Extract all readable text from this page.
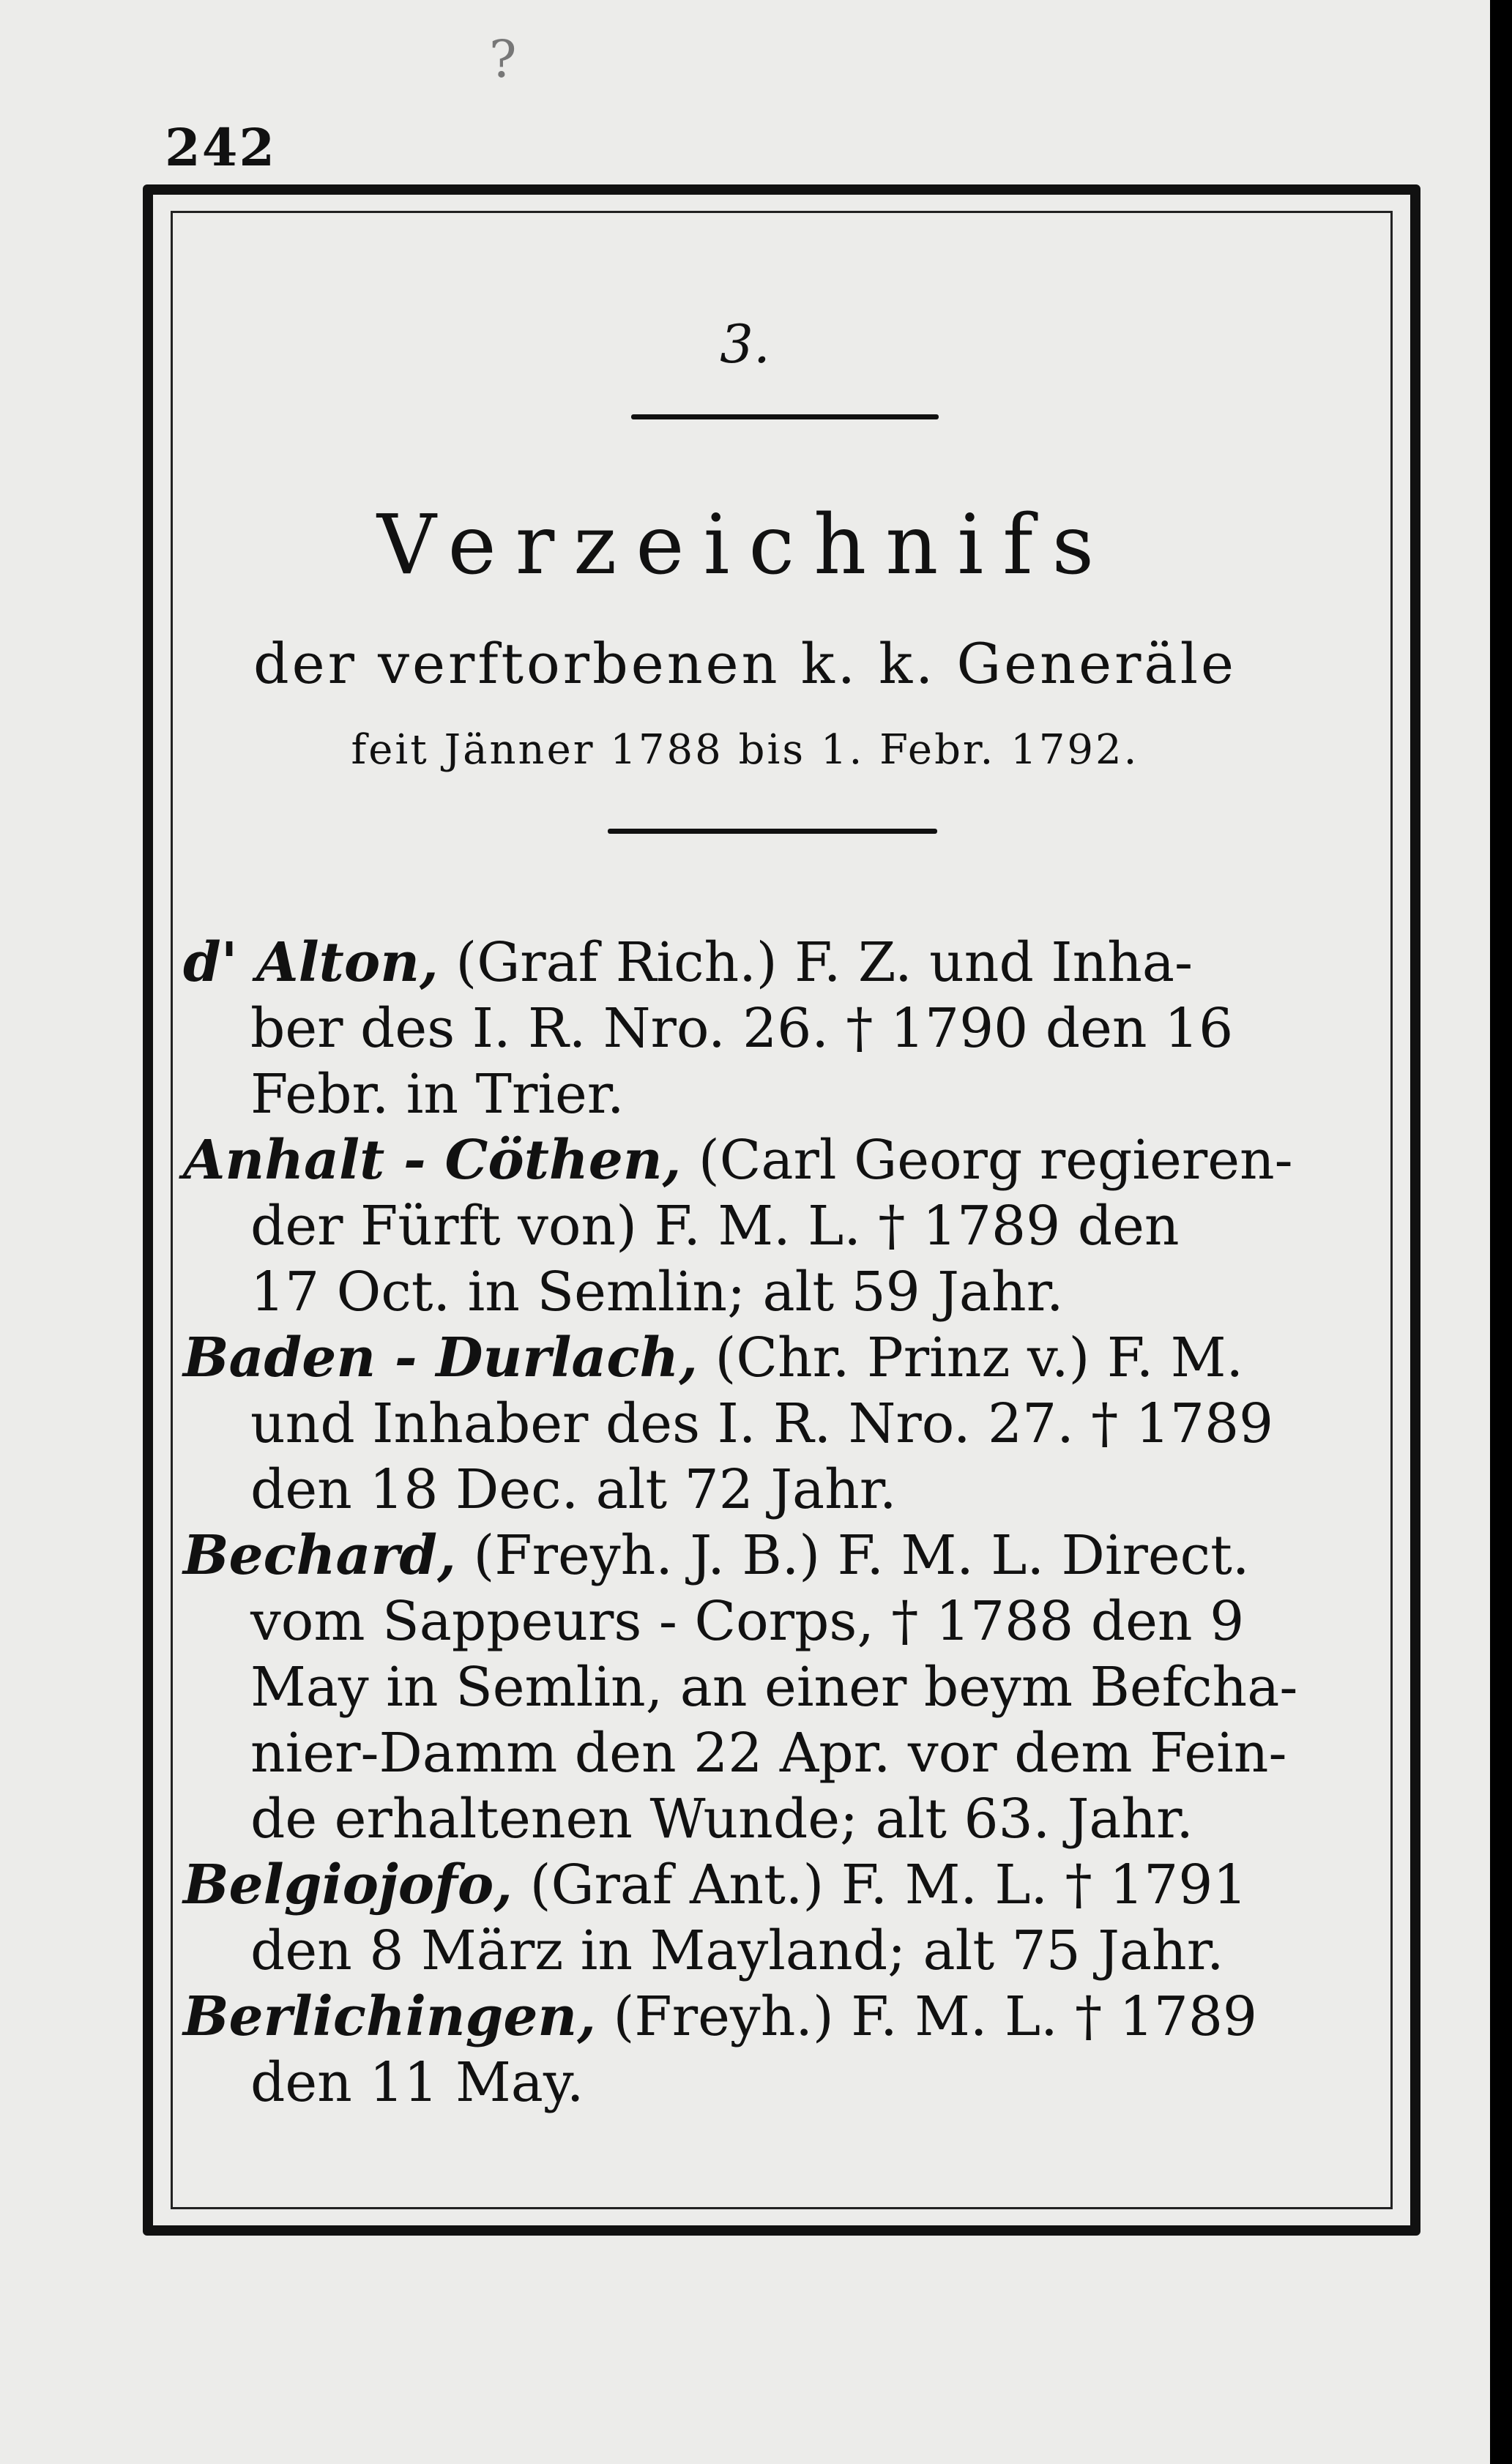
242
?
3.
Verzeichnifs
der verftorbenen k. k. Generäle
feit Jänner 1788 bis 1. Febr. 1792.
d' Alton, (Graf Rich.) F. Z. und Inha-
ber des I. R. Nro. 26. † 1790 den 16
Febr. in Trier.
Anhalt - Cöthen, (Carl Georg regieren-
der Fürft von) F. M. L. † 1789 den
17 Oct. in Semlin; alt 59 Jahr.
Baden - Durlach, (Chr. Prinz v.) F. M.
und Inhaber des I. R. Nro. 27. † 1789
den 18 Dec. alt 72 Jahr.
Bechard, (Freyh. J. B.) F. M. L. Direct.
vom Sappeurs - Corps, † 1788 den 9
May in Semlin, an einer beym Befcha-
nier-Damm den 22 Apr. vor dem Fein-
de erhaltenen Wunde; alt 63. Jahr.
Belgiojofo, (Graf Ant.) F. M. L. † 1791
den 8 März in Mayland; alt 75 Jahr.
Berlichingen, (Freyh.) F. M. L. † 1789
den 11 May.
